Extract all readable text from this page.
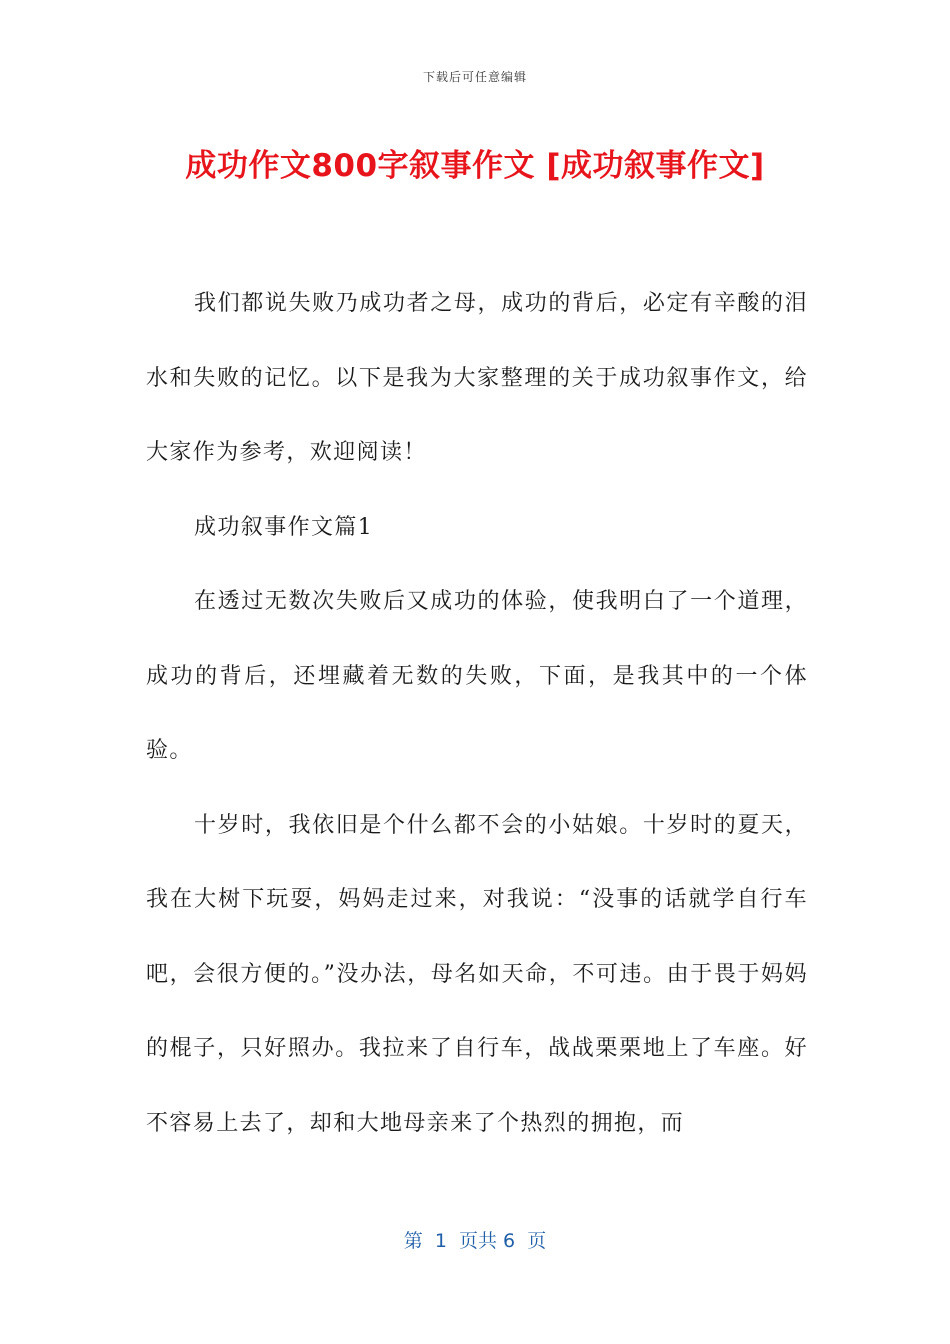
下载后可任意编辑
成功作文800字叙事作文 [成功叙事作文]

我们都说失败乃成功者之母，成功的背后，必定有辛酸的泪水和失败的记忆。以下是我为大家整理的关于成功叙事作文，给大家作为参考，欢迎阅读！

成功叙事作文篇1

在透过无数次失败后又成功的体验，使我明白了一个道理，成功的背后，还埋藏着无数的失败，下面，是我其中的一个体验。

十岁时，我依旧是个什么都不会的小姑娘。十岁时的夏天，我在大树下玩耍，妈妈走过来，对我说：“没事的话就学自行车吧，会很方便的。”没办法，母名如天命，不可违。由于畏于妈妈的棍子，只好照办。我拉来了自行车，战战栗栗地上了车座。好不容易上去了，却和大地母亲来了个热烈的拥抱，而

第  1  页共 6  页
